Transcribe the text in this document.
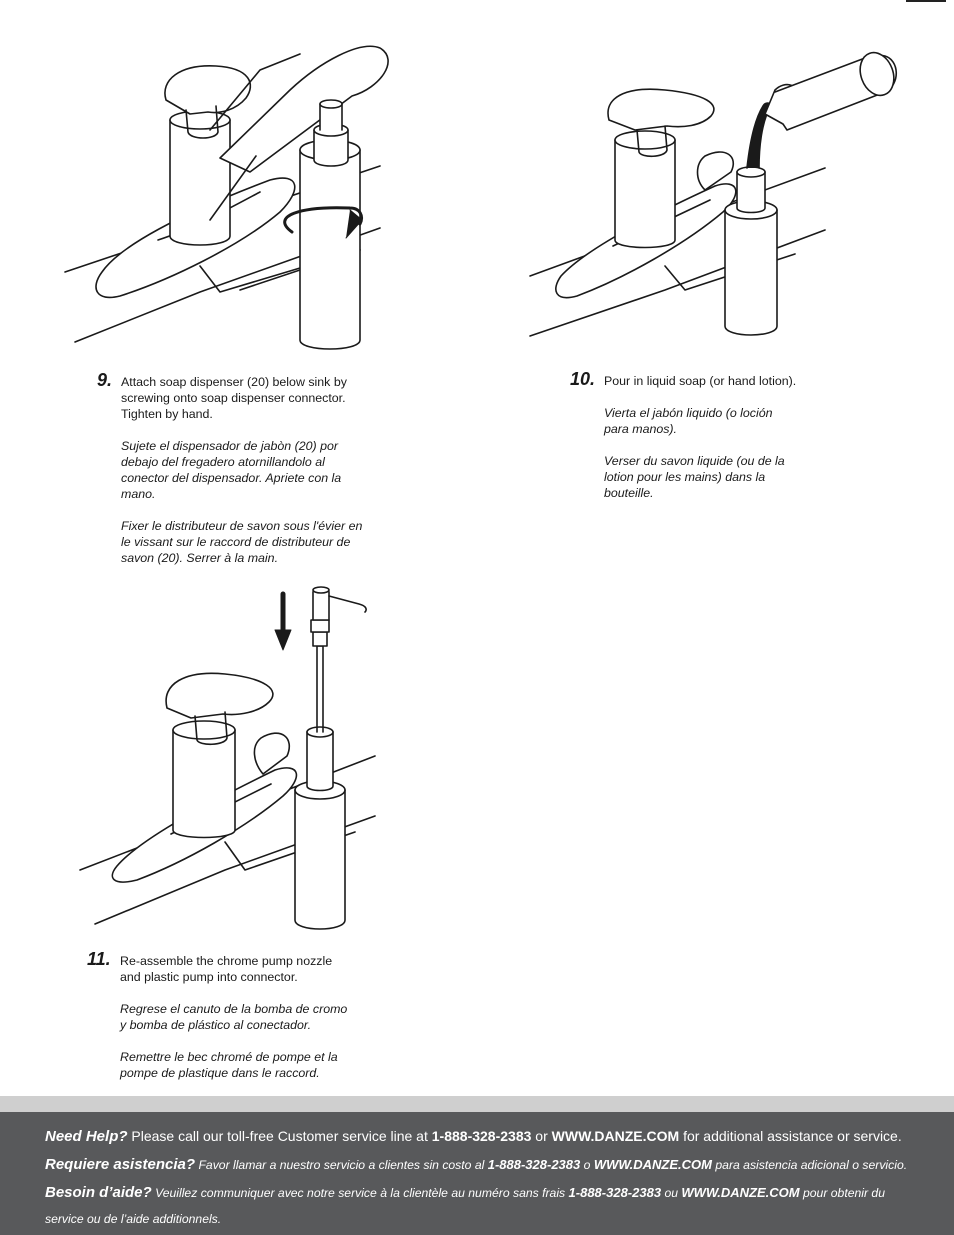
9. Attach soap dispenser (20) below sink by screwing onto soap dispenser connector. Tighten by hand.

Sujete el dispensador de jabòn (20) por debajo del fregadero atornillandolo al conector del dispensador. Apriete con la mano.

Fixer le distributeur de savon sous l'évier en le vissant sur le raccord de distributeur de savon (20). Serrer à la main.

10. Pour in liquid soap (or hand lotion).

Vierta el jabón liquido (o loción para manos).

Verser du savon liquide (ou de la lotion pour les mains) dans la bouteille.

11. Re-assemble the chrome pump nozzle and plastic pump into connector.

Regrese el canuto de la bomba de cromo y bomba de plástico al conectador.

Remettre le bec chromé de pompe et la pompe de plastique dans le raccord.

Need Help? Please call our toll-free Customer service line at 1-888-328-2383 or WWW.DANZE.COM for additional assistance or service.
Requiere asistencia? Favor llamar a nuestro servicio a clientes sin costo al 1-888-328-2383 o WWW.DANZE.COM para asistencia adicional o servicio.
Besoin d’aide? Veuillez communiquer avec notre service à la clientèle au numéro sans frais 1-888-328-2383 ou WWW.DANZE.COM pour obtenir du
service ou de l’aide additionnels.
